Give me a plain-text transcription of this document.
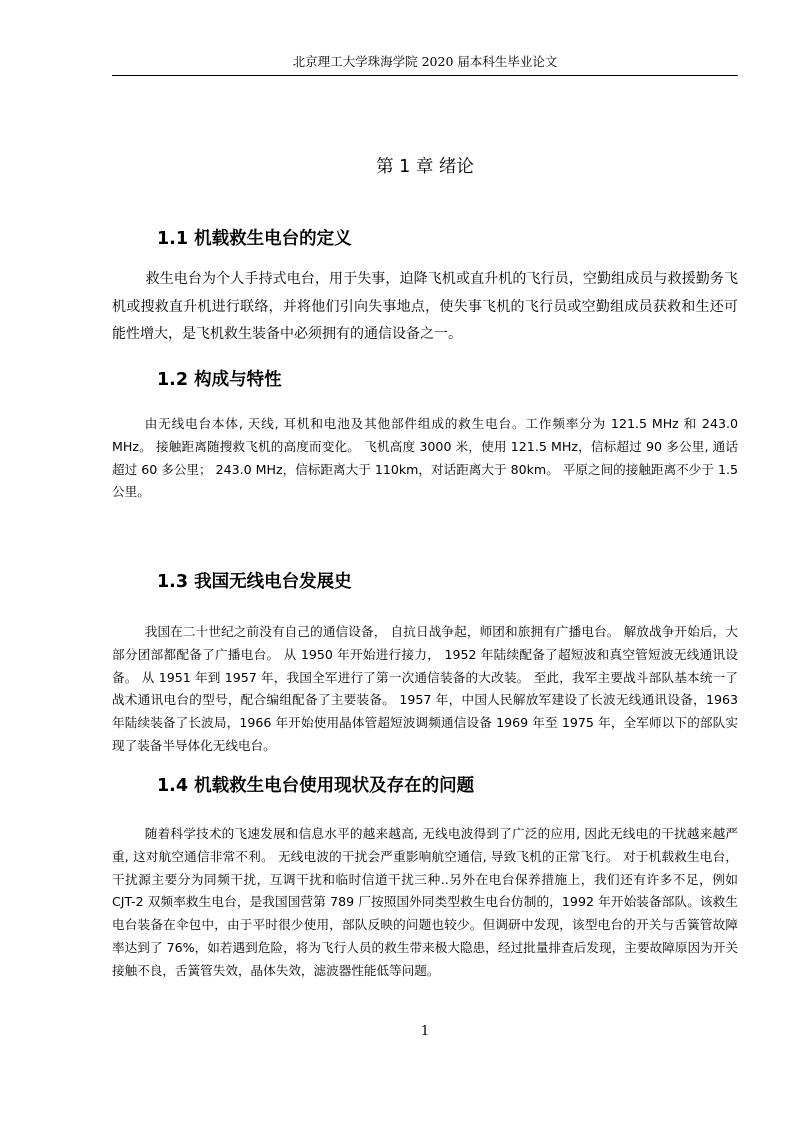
北京理工大学珠海学院 2020 届本科生毕业论文
第 1 章 绪论
1.1 机载救生电台的定义

救生电台为个人手持式电台，用于失事，迫降飞机或直升机的飞行员，空勤组成员与救援勤务飞机或搜救直升机进行联络，并将他们引向失事地点，使失事飞机的飞行员或空勤组成员获救和生还可能性增大，是飞机救生装备中必须拥有的通信设备之一。

1.2 构成与特性

由无线电台本体, 天线, 耳机和电池及其他部件组成的救生电台。工作频率分为 121.5 MHz 和 243.0 MHz。 接触距离随搜救飞机的高度而变化。 飞机高度 3000 米，使用 121.5 MHz，信标超过 90 多公里, 通话超过 60 多公里； 243.0 MHz，信标距离大于 110km，对话距离大于 80km。 平原之间的接触距离不少于 1.5 公里。

1.3 我国无线电台发展史

我国在二十世纪之前没有自己的通信设备， 自抗日战争起，师团和旅拥有广播电台。 解放战争开始后，大部分团部都配备了广播电台。 从 1950 年开始进行接力， 1952 年陆续配备了超短波和真空管短波无线通讯设备。 从 1951 年到 1957 年，我国全军进行了第一次通信装备的大改装。 至此，我军主要战斗部队基本统一了战术通讯电台的型号，配合编组配备了主要装备。 1957 年，中国人民解放军建设了长波无线通讯设备，1963 年陆续装备了长波局，1966 年开始使用晶体管超短波调频通信设备 1969 年至 1975 年，全军师以下的部队实现了装备半导体化无线电台。

1.4 机载救生电台使用现状及存在的问题

随着科学技术的飞速发展和信息水平的越来越高, 无线电波得到了广泛的应用, 因此无线电的干扰越来越严重, 这对航空通信非常不利。 无线电波的干扰会严重影响航空通信, 导致飞机的正常飞行。 对于机载救生电台，干扰源主要分为同频干扰，互调干扰和临时信道干扰三种..另外在电台保养措施上，我们还有许多不足，例如 CJT-2 双频率救生电台，是我国国营第 789 厂按照国外同类型救生电台仿制的，1992 年开始装备部队。该救生电台装备在伞包中，由于平时很少使用，部队反映的问题也较少。但调研中发现，该型电台的开关与舌簧管故障率达到了 76%，如若遇到危险，将为飞行人员的救生带来极大隐患，经过批量排查后发现，主要故障原因为开关接触不良，舌簧管失效，晶体失效，滤波器性能低等问题。

1
